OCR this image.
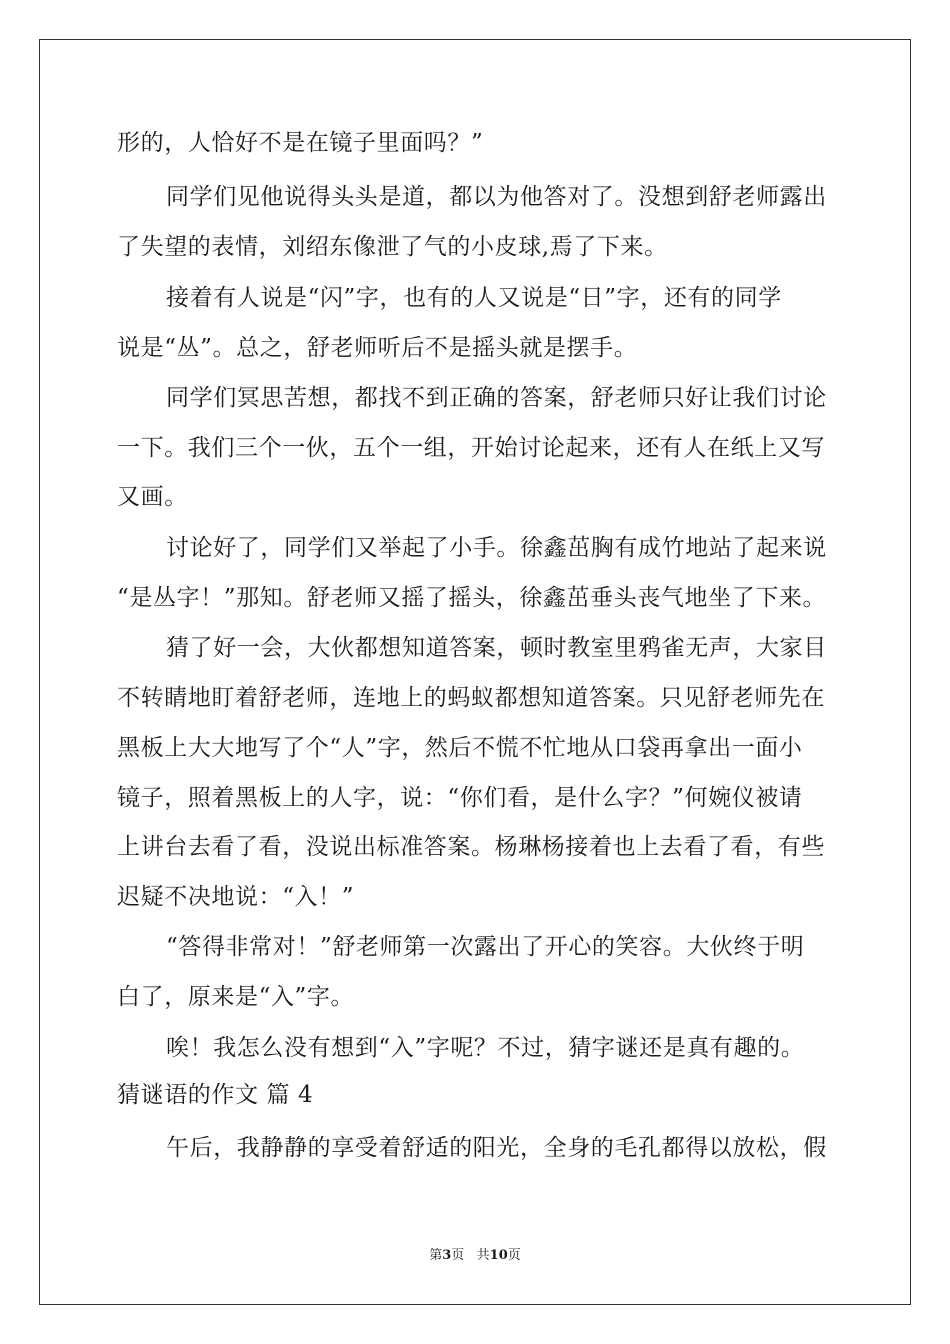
形的，人恰好不是在镜子里面吗？”
同学们见他说得头头是道，都以为他答对了。没想到舒老师露出
了失望的表情，刘绍东像泄了气的小皮球,焉了下来。
接着有人说是“闪”字，也有的人又说是“日”字，还有的同学
说是“丛”。总之，舒老师听后不是摇头就是摆手。
同学们冥思苦想，都找不到正确的答案，舒老师只好让我们讨论
一下。我们三个一伙，五个一组，开始讨论起来，还有人在纸上又写
又画。
讨论好了，同学们又举起了小手。徐鑫茁胸有成竹地站了起来说
“是丛字！”那知。舒老师又摇了摇头，徐鑫茁垂头丧气地坐了下来。
猜了好一会，大伙都想知道答案，顿时教室里鸦雀无声，大家目
不转睛地盯着舒老师，连地上的蚂蚁都想知道答案。只见舒老师先在
黑板上大大地写了个“人”字，然后不慌不忙地从口袋再拿出一面小
镜子，照着黑板上的人字，说：“你们看，是什么字？”何婉仪被请
上讲台去看了看，没说出标准答案。杨琳杨接着也上去看了看，有些
迟疑不决地说：“入！”
“答得非常对！”舒老师第一次露出了开心的笑容。大伙终于明
白了，原来是“入”字。
唉！我怎么没有想到“入”字呢？不过，猜字谜还是真有趣的。
猜谜语的作文 篇 4
午后，我静静的享受着舒适的阳光，全身的毛孔都得以放松，假
第3页   共10页
